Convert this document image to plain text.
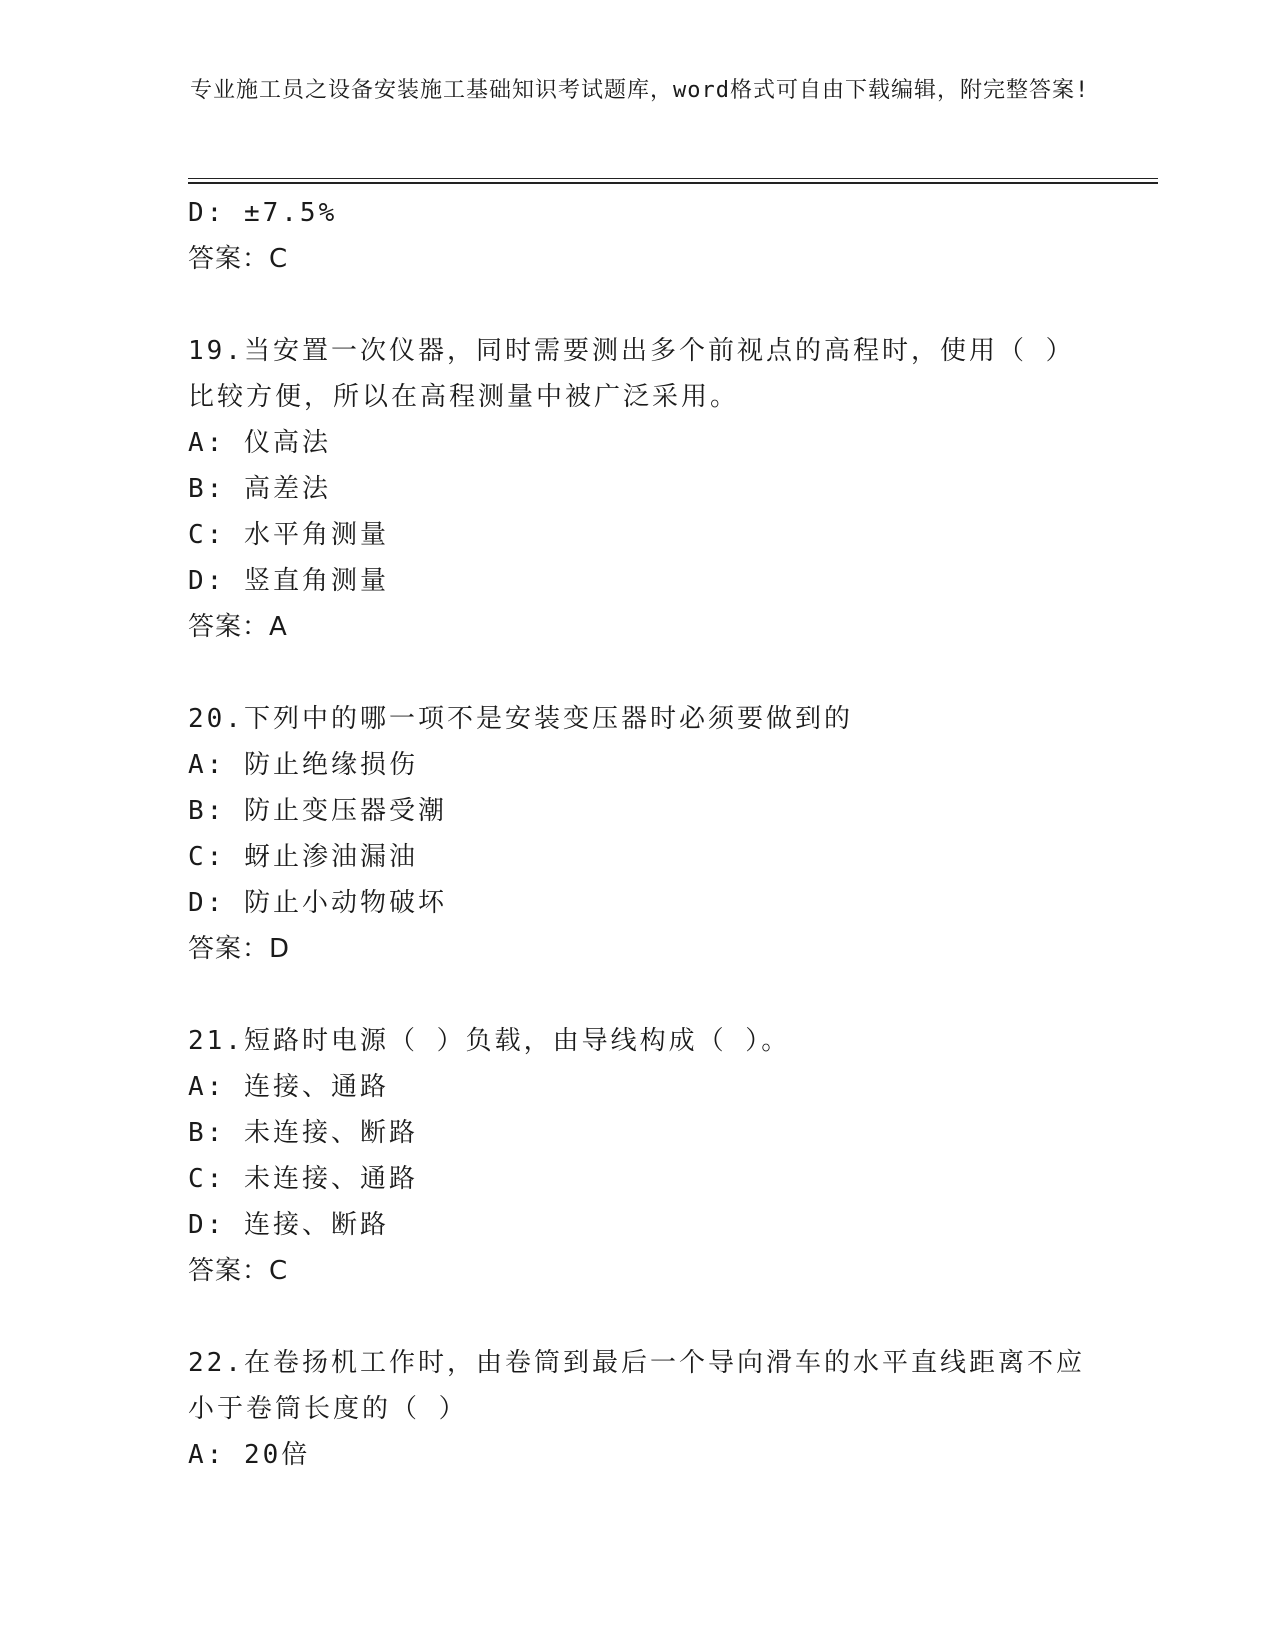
专业施工员之设备安装施工基础知识考试题库，word格式可自由下载编辑，附完整答案!
D: ±7.5%
答案：C
19.当安置一次仪器，同时需要测出多个前视点的高程时，使用（ ）比较方便，所以在高程测量中被广泛采用。
A: 仪高法
B: 高差法
C: 水平角测量
D: 竖直角测量
答案：A
20.下列中的哪一项不是安装变压器时必须要做到的
A: 防止绝缘损伤
B: 防止变压器受潮
C: 蚜止渗油漏油
D: 防止小动物破坏
答案：D
21.短路时电源（ ）负载，由导线构成（ ）。
A: 连接、通路
B: 未连接、断路
C: 未连接、通路
D: 连接、断路
答案：C
22.在卷扬机工作时，由卷筒到最后一个导向滑车的水平直线距离不应小于卷筒长度的（ ）
A: 20倍
